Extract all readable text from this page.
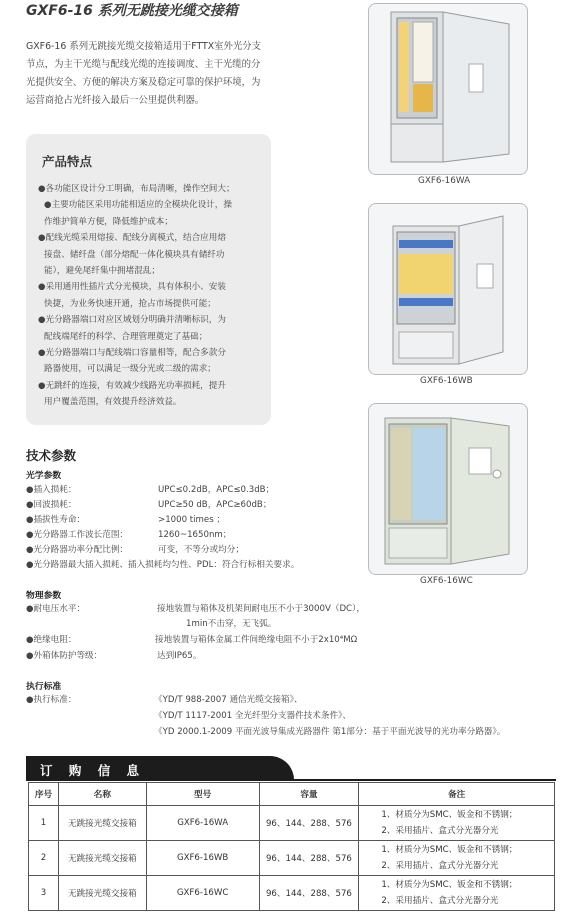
GXF6-16 系列无跳接光缆交接箱
GXF6-16 系列无跳接光缆交接箱适用于FTTX室外光分支
节点，为主干光缆与配线光缆的连接调度、主干光缆的分
光提供安全、方便的解决方案及稳定可靠的保护环境，为
运营商抢占光纤接入最后一公里提供利器。
产品特点
●各功能区设计分工明确，布局清晰，操作空间大；
●主要功能区采用功能相适应的全模块化设计，操
作维护简单方便，降低维护成本；
●配线光缆采用熔接、配线分离模式，结合应用熔
接盘、储纤盘（部分熔配一体化模块具有储纤功
能），避免尾纤集中拥堵混乱；
●采用通用性插片式分光模块，具有体积小、安装
快捷，为业务快速开通，抢占市场提供可能；
●光分路器端口对应区域划分明确并清晰标识，为
配线端尾纤的科学、合理管理奠定了基础；
●光分路器端口与配线端口容量相等，配合多款分
路器使用，可以满足一级分光或二级的需求；
●无跳纤的连接，有效减少线路光功率损耗，提升
用户覆盖范围，有效提升经济效益。
技术参数
光学参数
●插入损耗：	UPC≤0.2dB，APC≤0.3dB；
●回波损耗：	UPC≥50 dB，APC≥60dB；
●插拔性寿命：	>1000 times ；
●光分路器工作波长范围：	1260~1650nm；
●光分路器功率分配比例：	可变，不等分或均分；
●光分路器最大插入损耗、插入损耗均匀性、PDL：符合行标相关要求。
物理参数
●耐电压水平：	接地装置与箱体及机架间耐电压不小于3000V（DC），
1min不击穿，无飞弧。
●绝缘电阻：	接地装置与箱体金属工件间绝缘电阻不小于2x10⁴MΩ
●外箱体防护等级：	达到IP65。
执行标准
●执行标准：	《YD/T 988-2007 通信光缆交接箱》、
《YD/T 1117-2001 全光纤型分支器件技术条件》、
《YD 2000.1-2009 平面光波导集成光路器件 第1部分：基于平面光波导的光功率分路器》。
GXF6-16WA
GXF6-16WB
GXF6-16WC
订 购 信 息
序号	名称	型号	容量	备注
1	无跳接光缆交接箱	GXF6-16WA	96、144、288、576	1、材质分为SMC、钣金和不锈钢；
2、采用插片、盒式分光器分光

2	无跳接光缆交接箱	GXF6-16WB	96、144、288、576	1、材质分为SMC、钣金和不锈钢；
2、采用插片、盒式分光器分光

3	无跳接光缆交接箱	GXF6-16WC	96、144、288、576	1、材质分为SMC、钣金和不锈钢；
2、采用插片、盒式分光器分光
